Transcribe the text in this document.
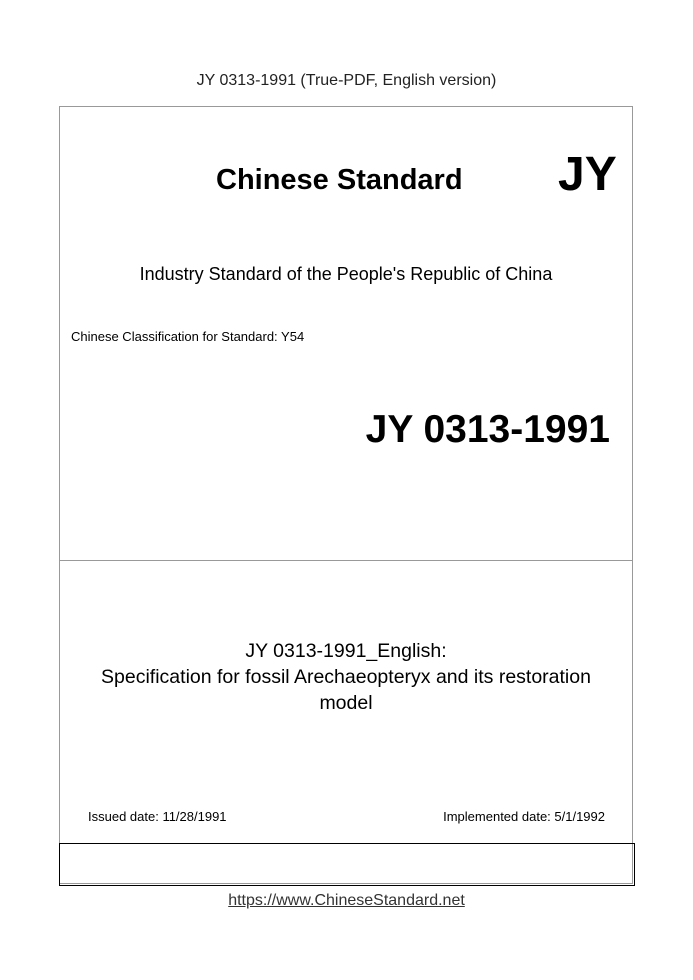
JY 0313-1991 (True-PDF, English version)
Chinese Standard JY
Industry Standard of the People's Republic of China
Chinese Classification for Standard: Y54
JY 0313-1991
JY 0313-1991_English:
Specification for fossil Arechaeopteryx and its restoration model
Issued date: 11/28/1991	Implemented date: 5/1/1992
https://www.ChineseStandard.net
